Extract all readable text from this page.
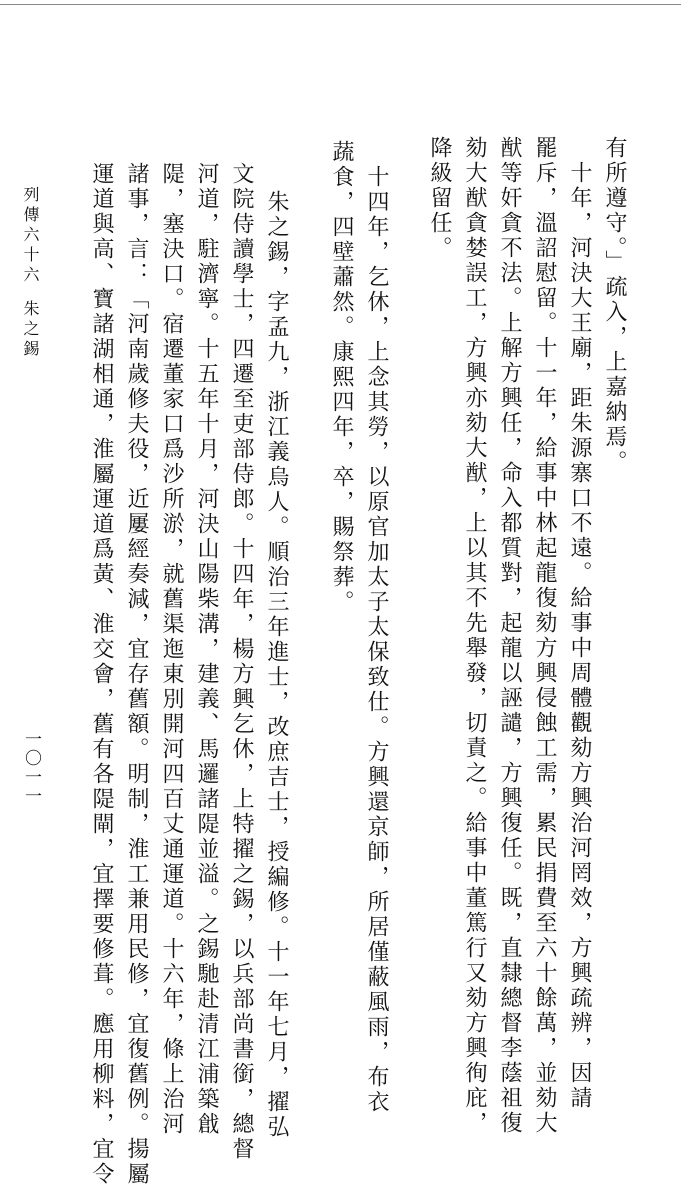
有所遵守。」疏入，上嘉納焉。
　十年，河決大王廟，距朱源寨口不遠。給事中周體觀劾方興治河罔效，方興疏辨，因請
罷斥，溫詔慰留。十一年，給事中林起龍復劾方興侵蝕工需，累民捐費至六十餘萬，並劾大
猷等奸貪不法。上解方興任，命入都質對，起龍以誣譴，方興復任。既，直隸總督李蔭祖復
劾大猷貪婪誤工，方興亦劾大猷，上以其不先舉發，切責之。給事中董篤行又劾方興徇庇，
降級留任。
　十四年，乞休，上念其勞，以原官加太子太保致仕。方興還京師，所居僅蔽風雨，布衣
蔬食，四壁蕭然。康熙四年，卒，賜祭葬。
朱之錫，字孟九，浙江義烏人。順治三年進士，改庶吉士，授編修。十一年七月，擢弘
文院侍讀學士，四遷至吏部侍郎。十四年，楊方興乞休，上特擢之錫，以兵部尚書銜，總督
河道，駐濟寧。十五年十月，河決山陽柴溝，建義、馬邏諸隄並溢。之錫馳赴清江浦築戧
隄，塞決口。宿遷董家口爲沙所淤，就舊渠迤東別開河四百丈通運道。十六年，條上治河
諸事，言：「河南歲修夫役，近屢經奏減，宜存舊額。明制，淮工兼用民修，宜復舊例。揚屬
運道與高、寶諸湖相通，淮屬運道爲黃、淮交會，舊有各隄閘，宜擇要修葺。應用柳料，宜令
列傳六十六
朱之錫
一〇一一
